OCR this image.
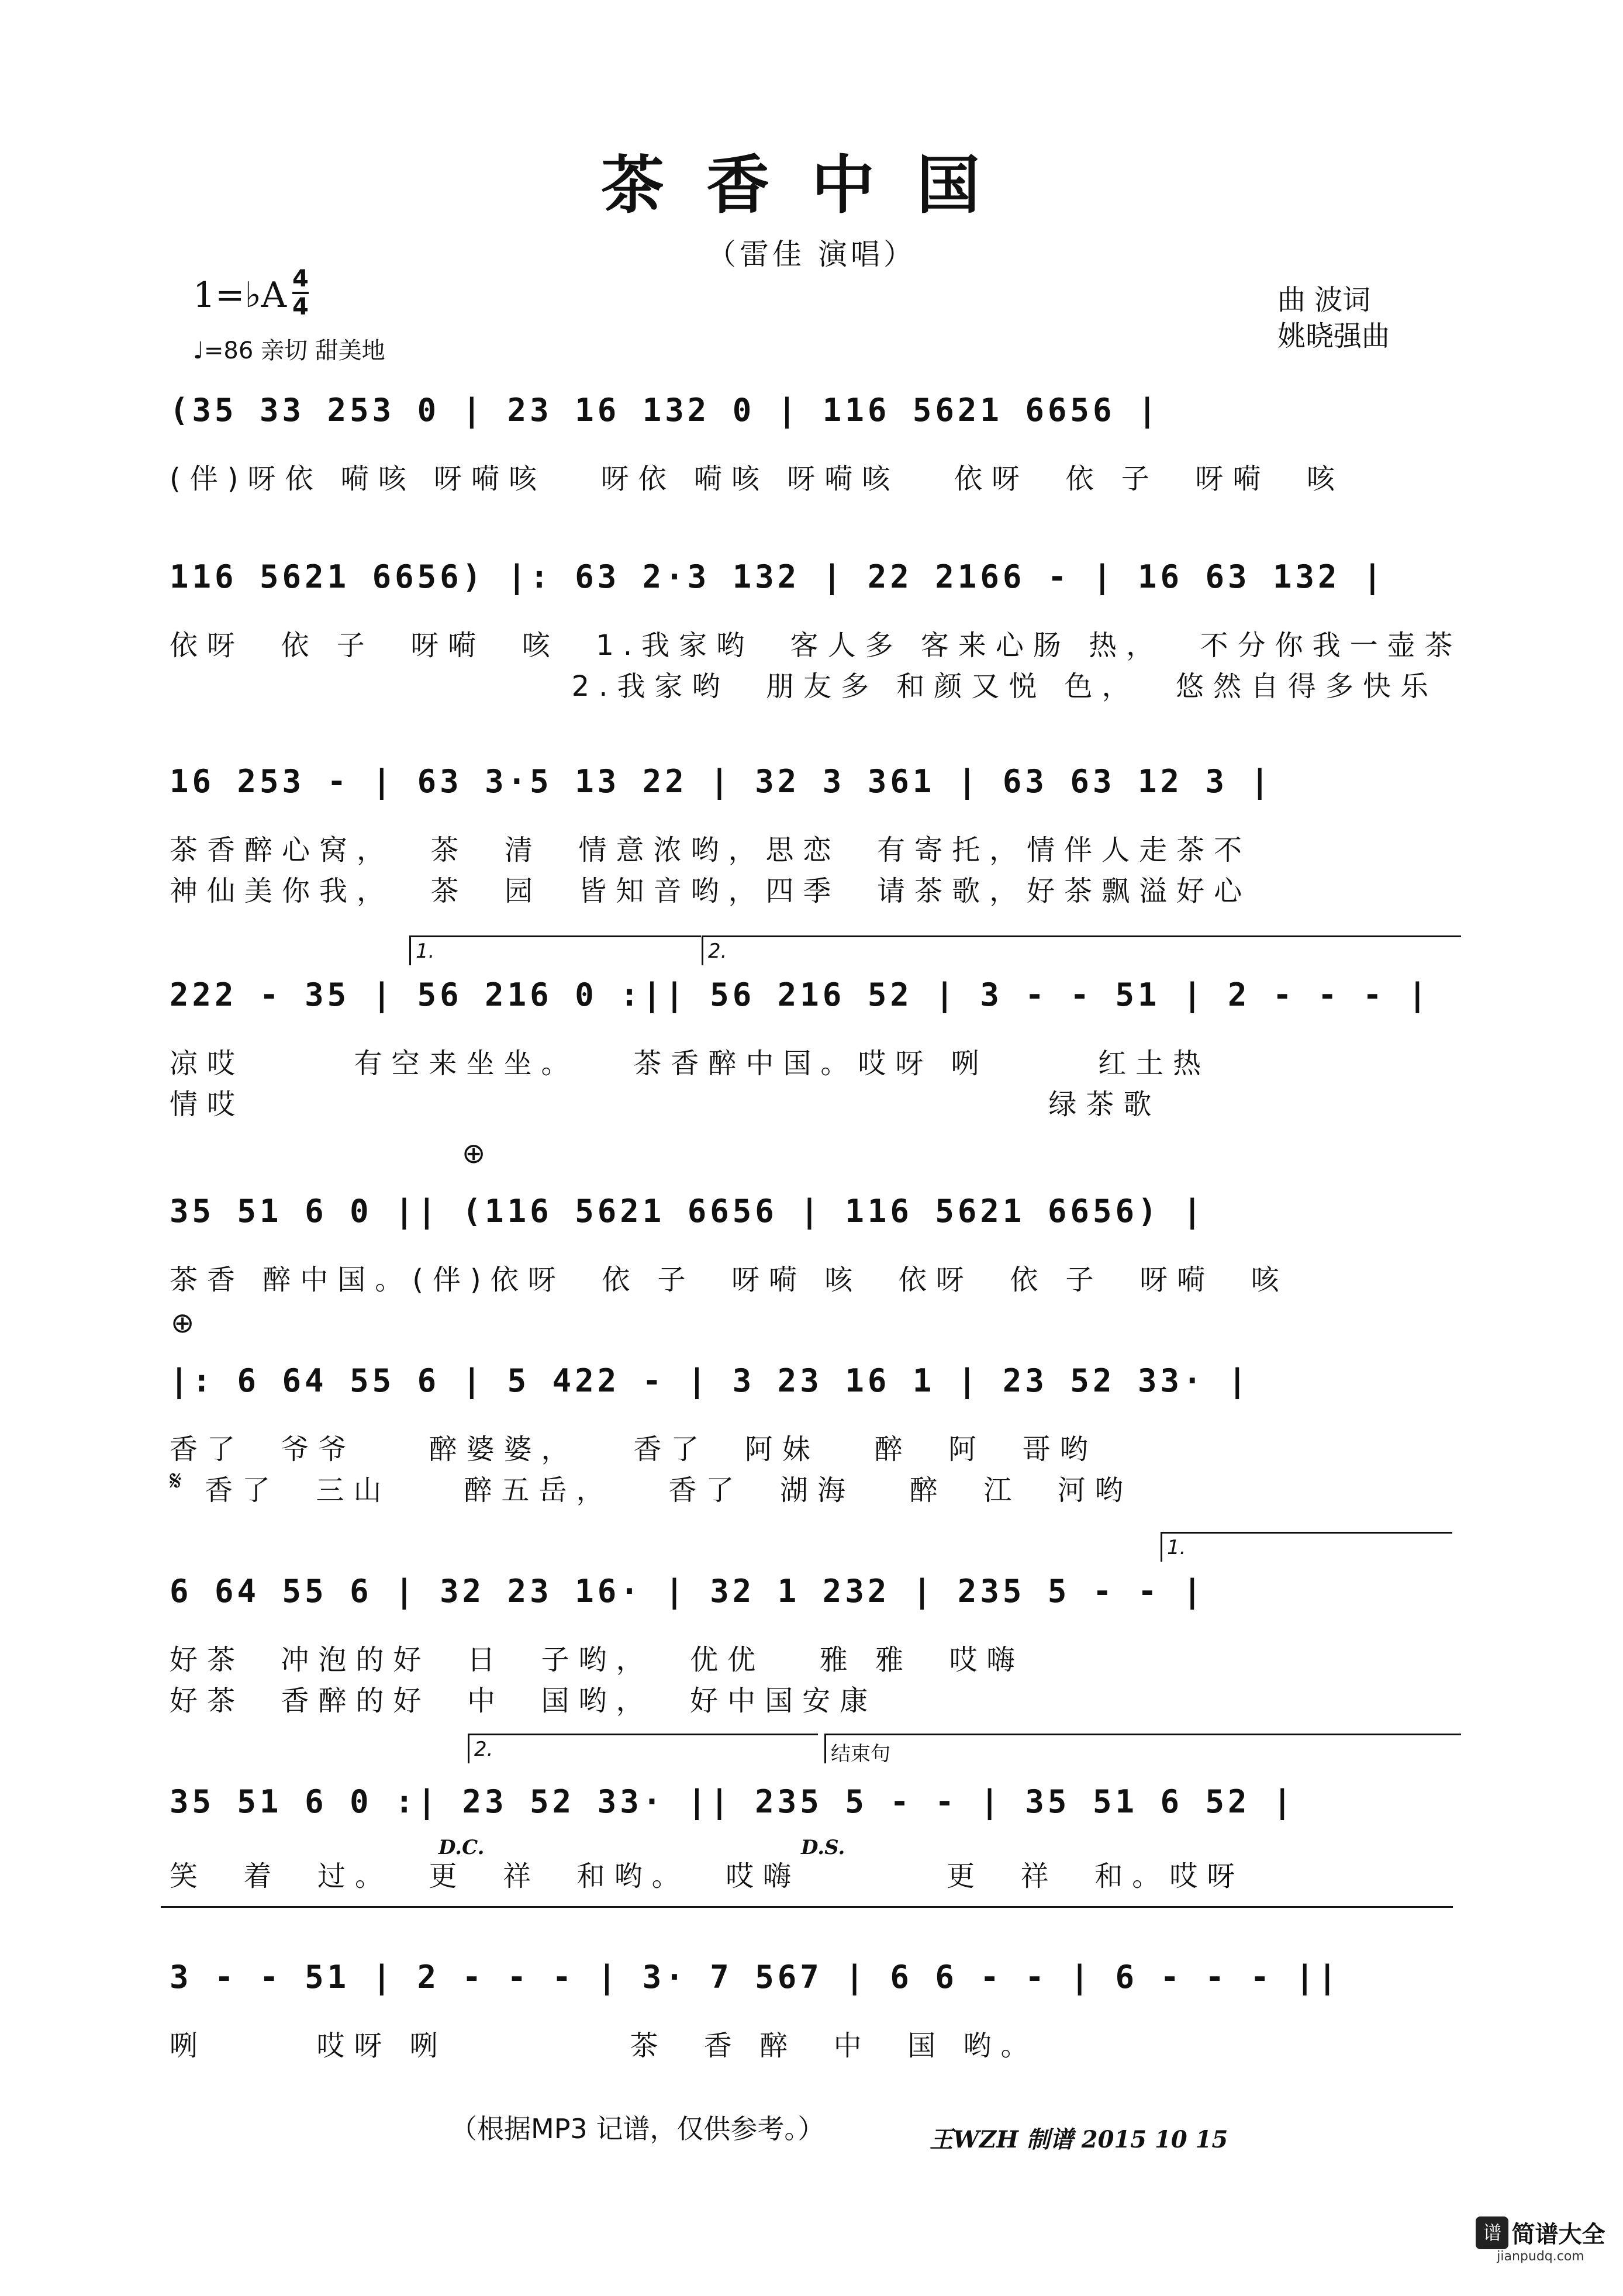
茶香中国
（雷佳 演唱）
1=♭A 4
4
♩=86 亲切 甜美地
曲 波词
姚晓强曲
(35 33 253 0 | 23 16 132 0 | 116 5621 6656 |
(伴)呀依 嗬咳 呀嗬咳   呀依 嗬咳 呀嗬咳   依呀  依 子  呀嗬  咳
116 5621 6656) |: 63 2·3 132 | 22 2166 - | 16 63 132 |
依呀  依 子  呀嗬  咳  1.我家哟  客人多 客来心肠 热，  不分你我一壶茶
2.我家哟  朋友多 和颜又悦 色，  悠然自得多快乐
16 253 - | 63 3·5 13 22 | 32 3 361 | 63 63 12 3 |
茶香醉心窝，  茶  清  情意浓哟，思恋  有寄托，情伴人走茶不
神仙美你我，  茶  园  皆知音哟，四季  请茶歌，好茶飘溢好心
1.	2.
222 - 35 | 56 216 0 :|| 56 216 52 | 3 - - 51 | 2 - - - |
凉哎      有空来坐坐。   茶香醉中国。哎呀 咧      红土热
情哎                                            绿茶歌
⊕
35 51 6 0 || (116 5621 6656 | 116 5621 6656) |
茶香 醉中国。(伴)依呀  依 子  呀嗬 咳  依呀  依 子  呀嗬  咳
⊕
|: 6 64 55 6 | 5 422 - | 3 23 16 1 | 23 52 33· |
香了  爷爷    醉婆婆，   香了  阿妹   醉  阿  哥哟
𝄋 香了  三山    醉五岳，   香了  湖海   醉  江  河哟
1.
6 64 55 6 | 32 23 16· | 32 1 232 | 235 5 - - |
好茶  冲泡的好  日  子哟，  优优   雅 雅  哎嗨
好茶  香醉的好  中  国哟，  好中国安康
2.	结束句
35 51 6 0 :| 23 52 33· || 235 5 - - | 35 51 6 52 |
D.C.	D.S.
笑  着  过。  更  祥  和哟。  哎嗨        更  祥  和。哎呀
3 - - 51 | 2 - - - | 3· 7 567 | 6 6 - - | 6 - - - ||
咧      哎呀 咧          茶  香 醉  中  国 哟。
（根据MP3 记谱，仅供参考。）	王WZH 制谱 2015 10 15
谱 简谱大全
jianpudq.com
